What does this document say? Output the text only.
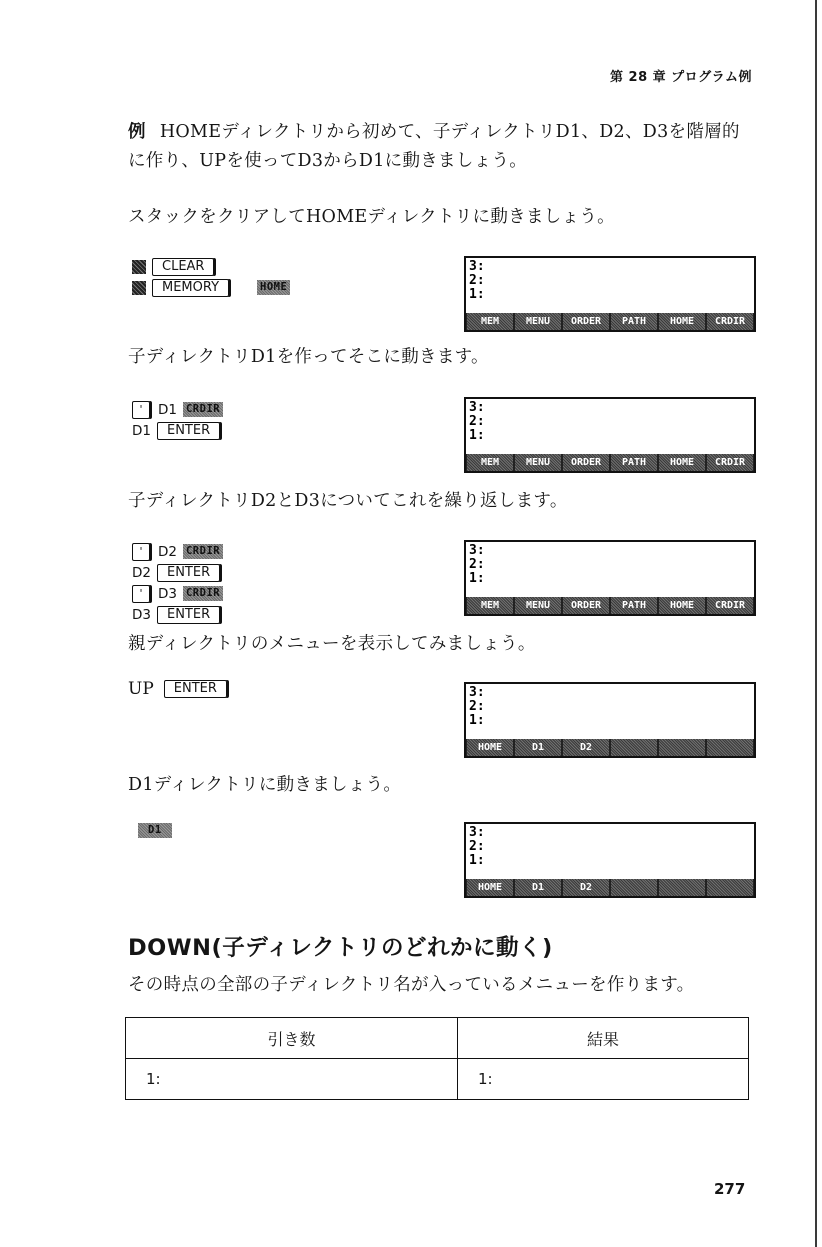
第 28 章 プログラム例
例 HOMEディレクトリから初めて、子ディレクトリD1、D2、D3を階層的
に作り、UPを使ってD3からD1に動きましょう。
スタックをクリアしてHOMEディレクトリに動きましょう。
CLEAR
MEMORY	HOME
3:
2:
1:
MEM	MENU	ORDER	PATH	HOME	CRDIR
子ディレクトリD1を作ってそこに動きます。
'	D1 CRDIR
D1	ENTER
3:
2:
1:
MEM	MENU	ORDER	PATH	HOME	CRDIR
子ディレクトリD2とD3についてこれを繰り返します。
'	D2 CRDIR
D2	ENTER
'	D3 CRDIR
D3	ENTER
3:
2:
1:
MEM	MENU	ORDER	PATH	HOME	CRDIR
親ディレクトリのメニューを表示してみましょう。
UP	ENTER	3:
2:
1:
HOME	D1	D2
D1ディレクトリに動きましょう。
D1	3:
2:
1:
HOME	D1	D2
DOWN(子ディレクトリのどれかに動く)
その時点の全部の子ディレクトリ名が入っているメニューを作ります。
引き数	結果
1:	1:
277
